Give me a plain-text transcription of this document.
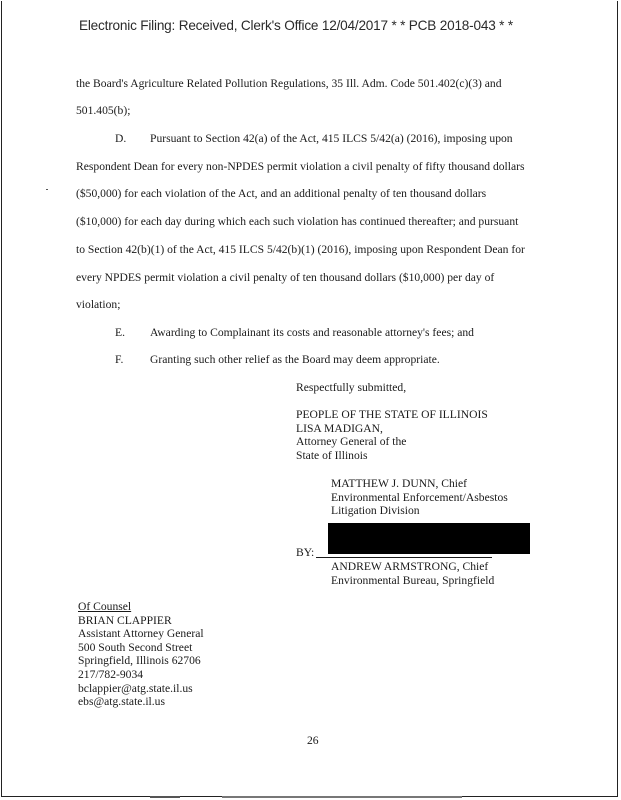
Electronic Filing: Received, Clerk's Office 12/04/2017 * * PCB 2018-043 * *
the Board's Agriculture Related Pollution Regulations, 35 Ill. Adm. Code 501.402(c)(3) and
501.405(b);
D. Pursuant to Section 42(a) of the Act, 415 ILCS 5/42(a) (2016), imposing upon
Respondent Dean for every non-NPDES permit violation a civil penalty of fifty thousand dollars
($50,000) for each violation of the Act, and an additional penalty of ten thousand dollars
($10,000) for each day during which each such violation has continued thereafter; and pursuant
to Section 42(b)(1) of the Act, 415 ILCS 5/42(b)(1) (2016), imposing upon Respondent Dean for
every NPDES permit violation a civil penalty of ten thousand dollars ($10,000) per day of
violation;
E. Awarding to Complainant its costs and reasonable attorney's fees; and
F. Granting such other relief as the Board may deem appropriate.
Respectfully submitted,
PEOPLE OF THE STATE OF ILLINOIS
LISA MADIGAN,
Attorney General of the
State of Illinois
MATTHEW J. DUNN, Chief
Environmental Enforcement/Asbestos
Litigation Division
BY:
ANDREW ARMSTRONG, Chief
Environmental Bureau, Springfield
Of Counsel
BRIAN CLAPPIER
Assistant Attorney General
500 South Second Street
Springfield, Illinois 62706
217/782-9034
bclappier@atg.state.il.us
ebs@atg.state.il.us
26
